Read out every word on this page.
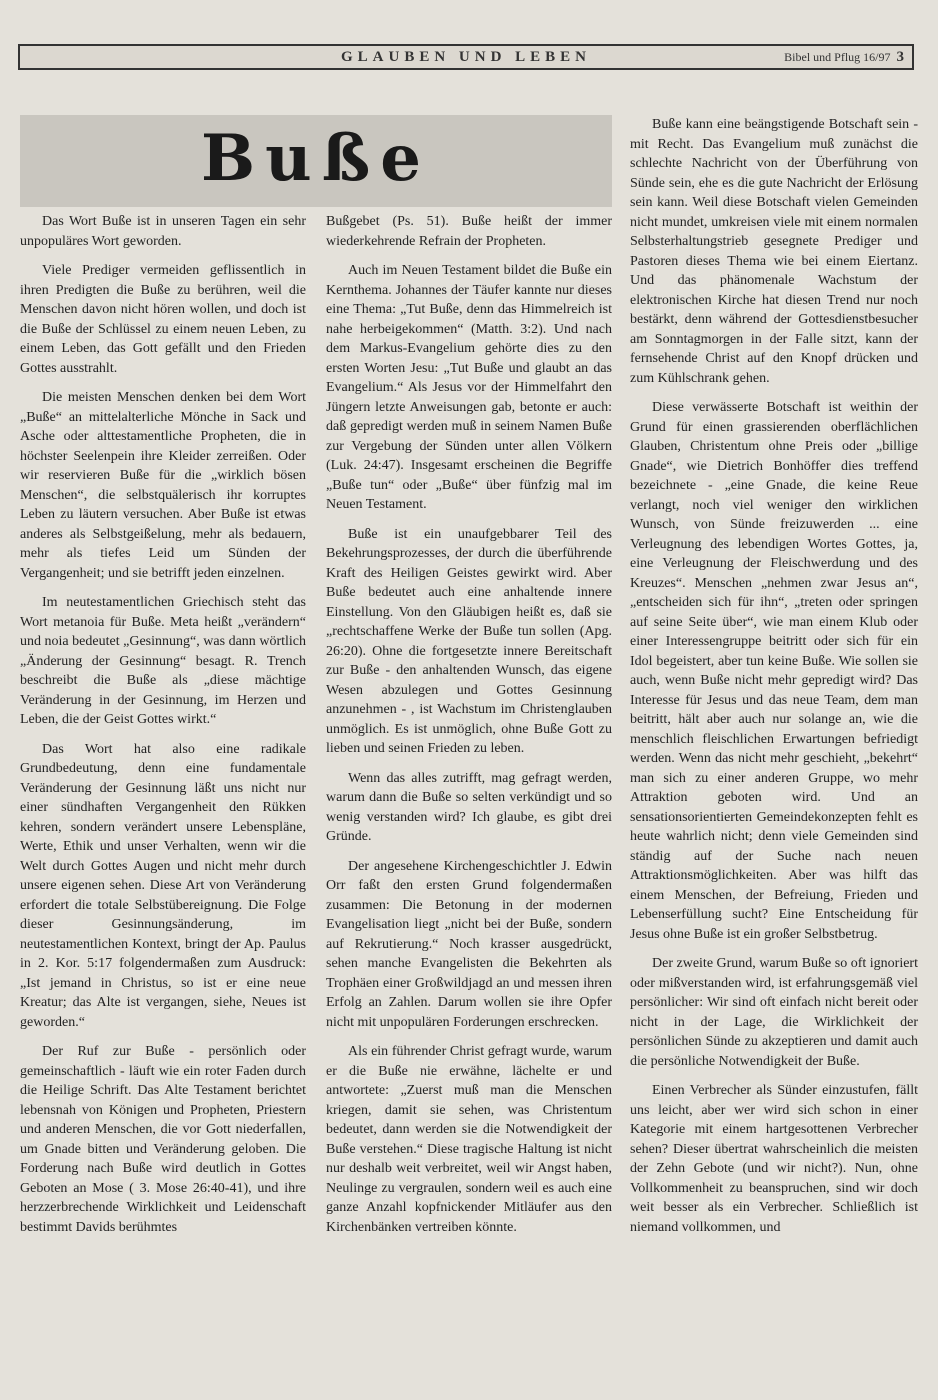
GLAUBEN UND LEBEN	Bibel und Pflug 16/97 3
Buße

Das Wort Buße ist in unseren Tagen ein sehr unpopuläres Wort geworden.

Viele Prediger vermeiden geflissentlich in ihren Predigten die Buße zu berühren, weil die Menschen davon nicht hören wollen, und doch ist die Buße der Schlüssel zu einem neuen Leben, zu einem Leben, das Gott gefällt und den Frieden Gottes ausstrahlt.

Die meisten Menschen denken bei dem Wort „Buße“ an mittelalterliche Mönche in Sack und Asche oder alttestamentliche Propheten, die in höchster Seelenpein ihre Kleider zerreißen. Oder wir reservieren Buße für die „wirklich bösen Menschen“, die selbstquälerisch ihr korruptes Leben zu läutern versuchen. Aber Buße ist etwas anderes als Selbstgeißelung, mehr als bedauern, mehr als tiefes Leid um Sünden der Vergangenheit; und sie betrifft jeden einzelnen.

Im neutestamentlichen Griechisch steht das Wort metanoia für Buße. Meta heißt „verändern“ und noia bedeutet „Gesinnung“, was dann wörtlich „Änderung der Gesinnung“ besagt. R. Trench beschreibt die Buße als „diese mächtige Veränderung in der Gesinnung, im Herzen und Leben, die der Geist Gottes wirkt.“

Das Wort hat also eine radikale Grundbedeutung, denn eine fundamentale Veränderung der Gesinnung läßt uns nicht nur einer sündhaften Vergangenheit den Rükken kehren, sondern verändert unsere Lebenspläne, Werte, Ethik und unser Verhalten, wenn wir die Welt durch Gottes Augen und nicht mehr durch unsere eigenen sehen. Diese Art von Veränderung erfordert die totale Selbstübereignung. Die Folge dieser Gesinnungsänderung, im neutestamentlichen Kontext, bringt der Ap. Paulus in 2. Kor. 5:17 folgendermaßen zum Ausdruck: „Ist jemand in Christus, so ist er eine neue Kreatur; das Alte ist vergangen, siehe, Neues ist geworden.“

Der Ruf zur Buße - persönlich oder gemeinschaftlich - läuft wie ein roter Faden durch die Heilige Schrift. Das Alte Testament berichtet lebensnah von Königen und Propheten, Priestern und anderen Menschen, die vor Gott niederfallen, um Gnade bitten und Veränderung geloben. Die Forderung nach Buße wird deutlich in Gottes Geboten an Mose ( 3. Mose 26:40-41), und ihre herzzerbrechende Wirklichkeit und Leidenschaft bestimmt Davids berühmtes

Bußgebet (Ps. 51). Buße heißt der immer wiederkehrende Refrain der Propheten.

Auch im Neuen Testament bildet die Buße ein Kernthema. Johannes der Täufer kannte nur dieses eine Thema: „Tut Buße, denn das Himmelreich ist nahe herbeigekommen“ (Matth. 3:2). Und nach dem Markus-Evangelium gehörte dies zu den ersten Worten Jesu: „Tut Buße und glaubt an das Evangelium.“ Als Jesus vor der Himmelfahrt den Jüngern letzte Anweisungen gab, betonte er auch: daß gepredigt werden muß in seinem Namen Buße zur Vergebung der Sünden unter allen Völkern (Luk. 24:47). Insgesamt erscheinen die Begriffe „Buße tun“ oder „Buße“ über fünfzig mal im Neuen Testament.

Buße ist ein unaufgebbarer Teil des Bekehrungsprozesses, der durch die überführende Kraft des Heiligen Geistes gewirkt wird. Aber Buße bedeutet auch eine anhaltende innere Einstellung. Von den Gläubigen heißt es, daß sie „rechtschaffene Werke der Buße tun sollen (Apg. 26:20). Ohne die fortgesetzte innere Bereitschaft zur Buße - den anhaltenden Wunsch, das eigene Wesen abzulegen und Gottes Gesinnung anzunehmen - , ist Wachstum im Christenglauben unmöglich. Es ist unmöglich, ohne Buße Gott zu lieben und seinen Frieden zu leben.

Wenn das alles zutrifft, mag gefragt werden, warum dann die Buße so selten verkündigt und so wenig verstanden wird? Ich glaube, es gibt drei Gründe.

Der angesehene Kirchengeschichtler J. Edwin Orr faßt den ersten Grund folgendermaßen zusammen: Die Betonung in der modernen Evangelisation liegt „nicht bei der Buße, sondern auf Rekrutierung.“ Noch krasser ausgedrückt, sehen manche Evangelisten die Bekehrten als Trophäen einer Großwildjagd an und messen ihren Erfolg an Zahlen. Darum wollen sie ihre Opfer nicht mit unpopulären Forderungen erschrecken.

Als ein führender Christ gefragt wurde, warum er die Buße nie erwähne, lächelte er und antwortete: „Zuerst muß man die Menschen kriegen, damit sie sehen, was Christentum bedeutet, dann werden sie die Notwendigkeit der Buße verstehen.“ Diese tragische Haltung ist nicht nur deshalb weit verbreitet, weil wir Angst haben, Neulinge zu vergraulen, sondern weil es auch eine ganze Anzahl kopfnickender Mitläufer aus den Kirchenbänken vertreiben könnte.

Buße kann eine beängstigende Botschaft sein - mit Recht. Das Evangelium muß zunächst die schlechte Nachricht von der Überführung von Sünde sein, ehe es die gute Nachricht der Erlösung sein kann. Weil diese Botschaft vielen Gemeinden nicht mundet, umkreisen viele mit einem normalen Selbsterhaltungstrieb gesegnete Prediger und Pastoren dieses Thema wie bei einem Eiertanz. Und das phänomenale Wachstum der elektronischen Kirche hat diesen Trend nur noch bestärkt, denn während der Gottesdienstbesucher am Sonntagmorgen in der Falle sitzt, kann der fernsehende Christ auf den Knopf drücken und zum Kühlschrank gehen.

Diese verwässerte Botschaft ist weithin der Grund für einen grassierenden oberflächlichen Glauben, Christentum ohne Preis oder „billige Gnade“, wie Dietrich Bonhöffer dies treffend bezeichnete - „eine Gnade, die keine Reue verlangt, noch viel weniger den wirklichen Wunsch, von Sünde freizuwerden ... eine Verleugnung des lebendigen Wortes Gottes, ja, eine Verleugnung der Fleischwerdung und des Kreuzes“. Menschen „nehmen zwar Jesus an“, „entscheiden sich für ihn“, „treten oder springen auf seine Seite über“, wie man einem Klub oder einer Interessengruppe beitritt oder sich für ein Idol begeistert, aber tun keine Buße. Wie sollen sie auch, wenn Buße nicht mehr gepredigt wird? Das Interesse für Jesus und das neue Team, dem man beitritt, hält aber auch nur solange an, wie die menschlich fleischlichen Erwartungen befriedigt werden. Wenn das nicht mehr geschieht, „bekehrt“ man sich zu einer anderen Gruppe, wo mehr Attraktion geboten wird. Und an sensationsorientierten Gemeindekonzepten fehlt es heute wahrlich nicht; denn viele Gemeinden sind ständig auf der Suche nach neuen Attraktionsmöglichkeiten. Aber was hilft das einem Menschen, der Befreiung, Frieden und Lebenserfüllung sucht? Eine Entscheidung für Jesus ohne Buße ist ein großer Selbstbetrug.

Der zweite Grund, warum Buße so oft ignoriert oder mißverstanden wird, ist erfahrungsgemäß viel persönlicher: Wir sind oft einfach nicht bereit oder nicht in der Lage, die Wirklichkeit der persönlichen Sünde zu akzeptieren und damit auch die persönliche Notwendigkeit der Buße.

Einen Verbrecher als Sünder einzustufen, fällt uns leicht, aber wer wird sich schon in einer Kategorie mit einem hartgesottenen Verbrecher sehen? Dieser übertrat wahrscheinlich die meisten der Zehn Gebote (und wir nicht?). Nun, ohne Vollkommenheit zu beanspruchen, sind wir doch weit besser als ein Verbrecher. Schließlich ist niemand vollkommen, und
